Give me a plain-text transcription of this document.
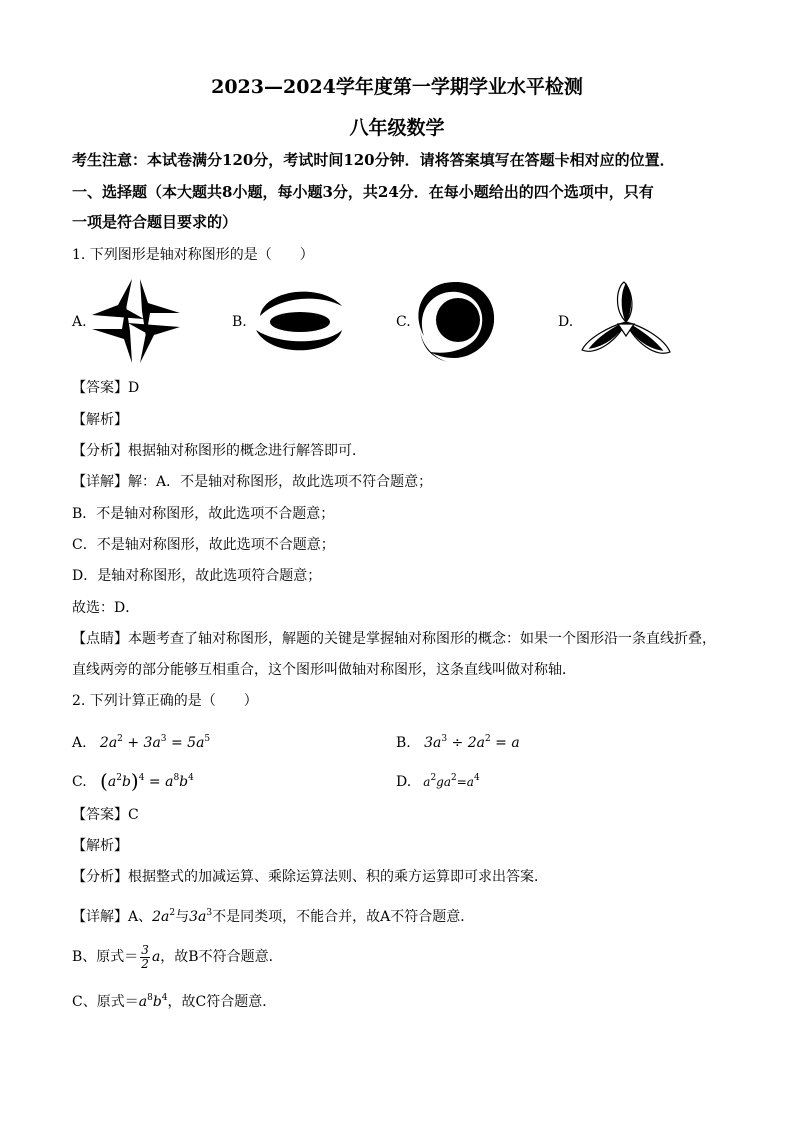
2023—2024学年度第一学期学业水平检测
八年级数学
考生注意：本试卷满分120分，考试时间120分钟．请将答案填写在答题卡相对应的位置．
一、选择题（本大题共8小题，每小题3分，共24分．在每小题给出的四个选项中，只有
一项是符合题目要求的）
1. 下列图形是轴对称图形的是（　　）
A.	B.	C.	D.
【答案】D
【解析】
【分析】根据轴对称图形的概念进行解答即可．
【详解】解：A．不是轴对称图形，故此选项不符合题意；
B．不是轴对称图形，故此选项不合题意；
C．不是轴对称图形，故此选项不合题意；
D．是轴对称图形，故此选项符合题意；
故选：D．
【点睛】本题考查了轴对称图形，解题的关键是掌握轴对称图形的概念：如果一个图形沿一条直线折叠，
直线两旁的部分能够互相重合，这个图形叫做轴对称图形，这条直线叫做对称轴．
2. 下列计算正确的是（　　）
A.   $2a^2 + 3a^3 = 5a^5$	B.   $3a^3 \div 2a^2 = a$
C. $(a^2b)^4 = a^8b^4$	D.   $a^2ga^2=a^4$
【答案】C
【解析】
【分析】根据整式的加减运算、乘除运算法则、积的乘方运算即可求出答案．
【详解】A、$2a^2$与$3a^3$不是同类项，不能合并，故A不符合题意．
B、原式＝ $\frac{3}{2}$ a，故B不符合题意．
C、原式$=a^8b^4$，故C符合题意．
